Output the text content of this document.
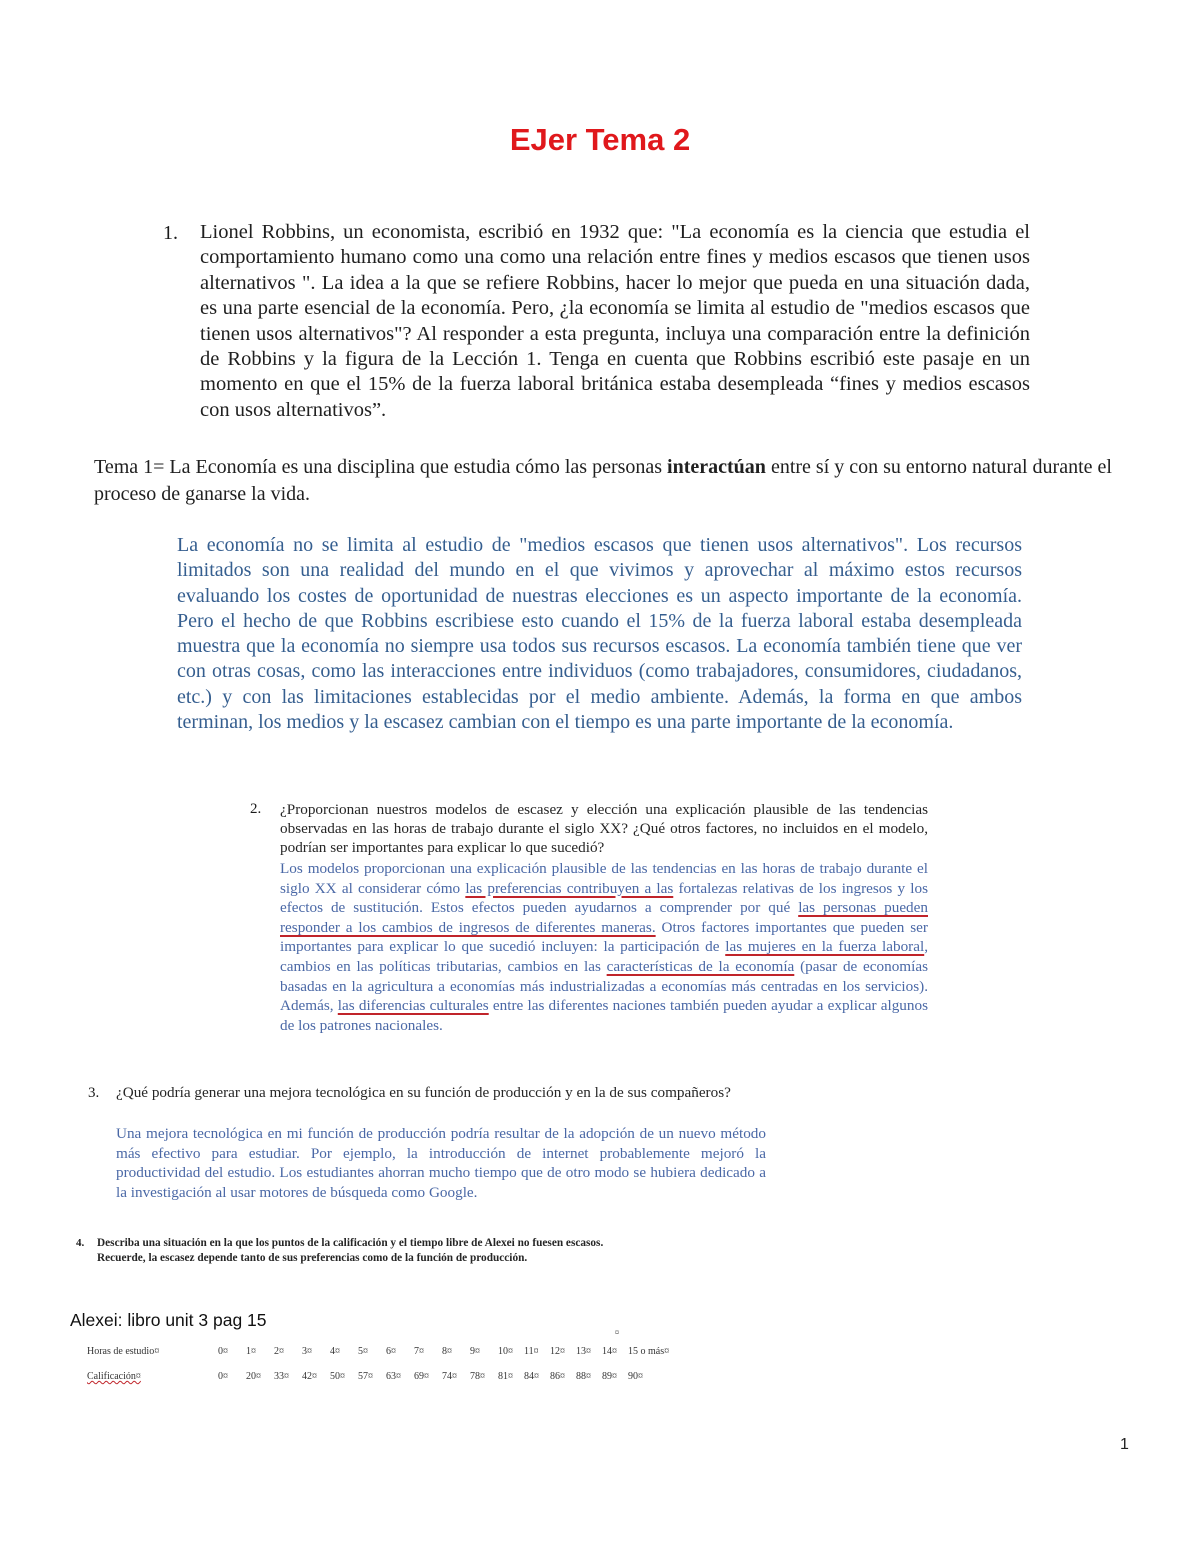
EJer Tema 2
1. Lionel Robbins, un economista, escribió en 1932 que: "La economía es la ciencia que estudia el comportamiento humano como una como una relación entre fines y medios escasos que tienen usos alternativos ". La idea a la que se refiere Robbins, hacer lo mejor que pueda en una situación dada, es una parte esencial de la economía. Pero, ¿la economía se limita al estudio de "medios escasos que tienen usos alternativos"? Al responder a esta pregunta, incluya una comparación entre la definición de Robbins y la figura de la Lección 1. Tenga en cuenta que Robbins escribió este pasaje en un momento en que el 15% de la fuerza laboral británica estaba desempleada “fines y medios escasos con usos alternativos”.
Tema 1= La Economía es una disciplina que estudia cómo las personas interactúan entre sí y con su entorno natural durante el proceso de ganarse la vida.
La economía no se limita al estudio de "medios escasos que tienen usos alternativos". Los recursos limitados son una realidad del mundo en el que vivimos y aprovechar al máximo estos recursos evaluando los costes de oportunidad de nuestras elecciones es un aspecto importante de la economía. Pero el hecho de que Robbins escribiese esto cuando el 15% de la fuerza laboral estaba desempleada muestra que la economía no siempre usa todos sus recursos escasos. La economía también tiene que ver con otras cosas, como las interacciones entre individuos (como trabajadores, consumidores, ciudadanos, etc.) y con las limitaciones establecidas por el medio ambiente. Además, la forma en que ambos terminan, los medios y la escasez cambian con el tiempo es una parte importante de la economía.
2. ¿Proporcionan nuestros modelos de escasez y elección una explicación plausible de las tendencias observadas en las horas de trabajo durante el siglo XX? ¿Qué otros factores, no incluidos en el modelo, podrían ser importantes para explicar lo que sucedió?
Los modelos proporcionan una explicación plausible de las tendencias en las horas de trabajo durante el siglo XX al considerar cómo las preferencias contribuyen a las fortalezas relativas de los ingresos y los efectos de sustitución. Estos efectos pueden ayudarnos a comprender por qué las personas pueden responder a los cambios de ingresos de diferentes maneras. Otros factores importantes que pueden ser importantes para explicar lo que sucedió incluyen: la participación de las mujeres en la fuerza laboral, cambios en las políticas tributarias, cambios en las características de la economía (pasar de economías basadas en la agricultura a economías más industrializadas a economías más centradas en los servicios). Además, las diferencias culturales entre las diferentes naciones también pueden ayudar a explicar algunos de los patrones nacionales.
3. ¿Qué podría generar una mejora tecnológica en su función de producción y en la de sus compañeros?
Una mejora tecnológica en mi función de producción podría resultar de la adopción de un nuevo método más efectivo para estudiar. Por ejemplo, la introducción de internet probablemente mejoró la productividad del estudio. Los estudiantes ahorran mucho tiempo que de otro modo se hubiera dedicado a la investigación al usar motores de búsqueda como Google.
4. Describa una situación en la que los puntos de la calificación y el tiempo libre de Alexei no fuesen escasos. Recuerde, la escasez depende tanto de sus preferencias como de la función de producción.
Alexei: libro unit 3 pag 15
¤
Horas de estudio¤	0¤	1¤	2¤	3¤	4¤	5¤	6¤	7¤	8¤	9¤	10¤	11¤	12¤	13¤	14¤	15 o más¤
Calificación¤	0¤	20¤	33¤	42¤	50¤	57¤	63¤	69¤	74¤	78¤	81¤	84¤	86¤	88¤	89¤	90¤
1
